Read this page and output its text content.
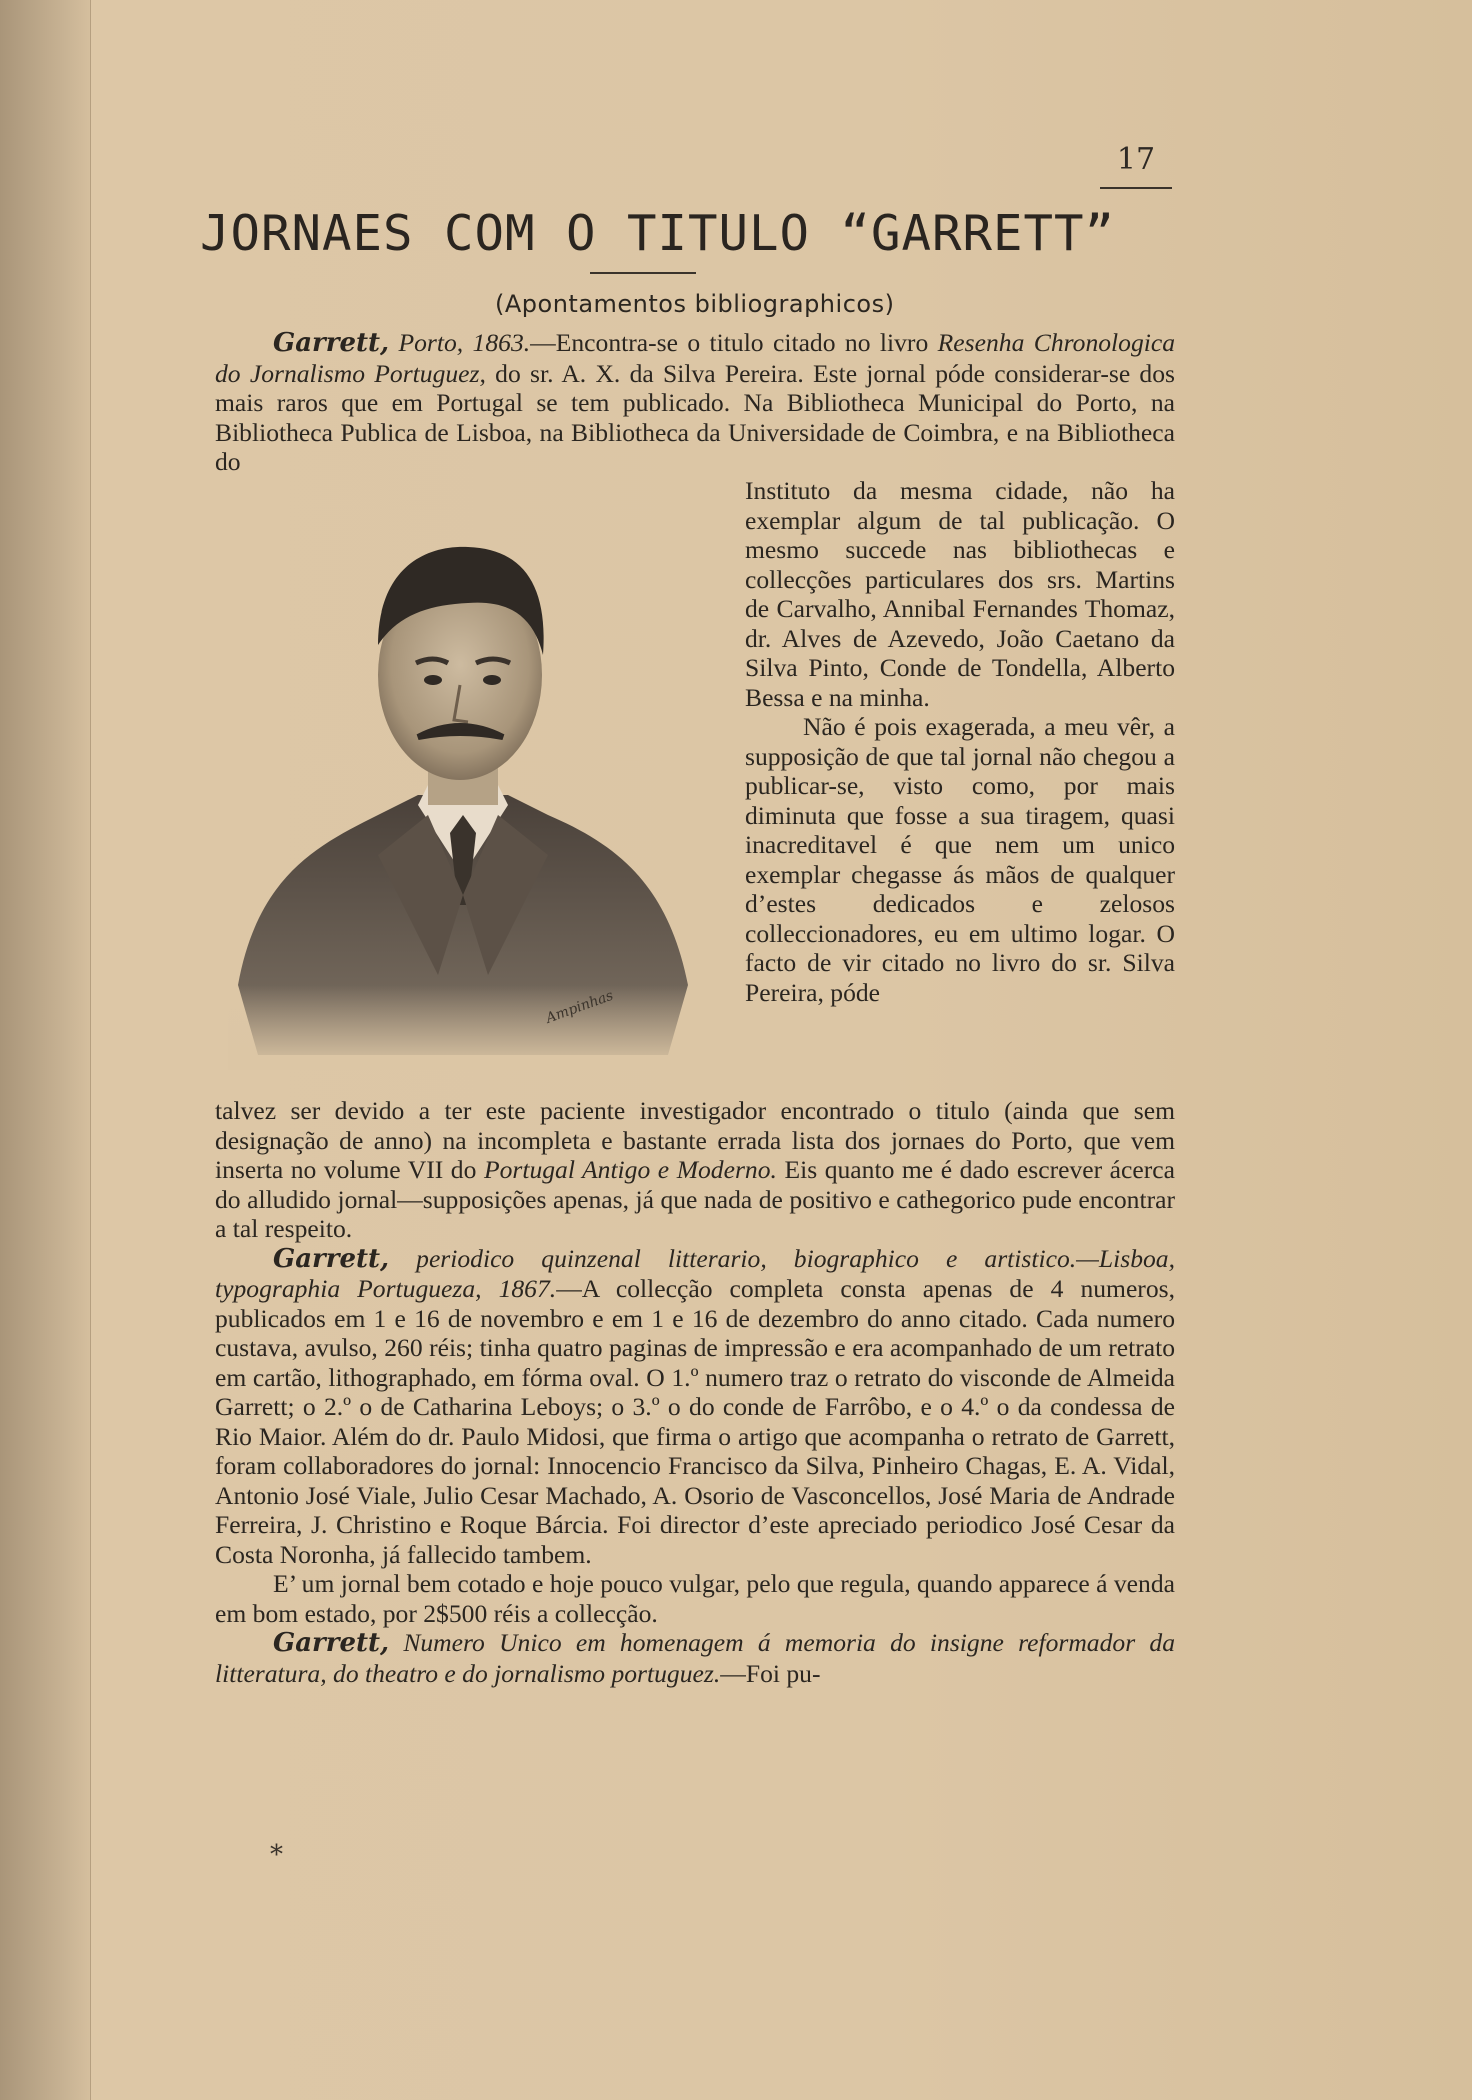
17
JORNAES COM O TITULO “GARRETT”
(Apontamentos bibliographicos)

Garrett, Porto, 1863.—Encontra-se o titulo citado no livro Resenha Chronologica do Jornalismo Portuguez, do sr. A. X. da Silva Pereira. Este jornal póde considerar-se dos mais raros que em Portugal se tem publicado. Na Bibliotheca Municipal do Porto, na Bibliotheca Publica de Lisboa, na Bibliotheca da Universidade de Coimbra, e na Bibliotheca do

Ampinhas

Instituto da mesma cidade, não ha exemplar algum de tal publicação. O mesmo succede nas bibliothecas e collecções particulares dos srs. Martins de Carvalho, Annibal Fernandes Thomaz, dr. Alves de Azevedo, João Caetano da Silva Pinto, Conde de Tondella, Alberto Bessa e na minha.

Não é pois exagerada, a meu vêr, a supposição de que tal jornal não chegou a publicar-se, visto como, por mais diminuta que fosse a sua tiragem, quasi inacreditavel é que nem um unico exemplar chegasse ás mãos de qualquer d’estes dedicados e zelosos colleccionadores, eu em ultimo logar. O facto de vir citado no livro do sr. Silva Pereira, póde

talvez ser devido a ter este paciente investigador encontrado o titulo (ainda que sem designação de anno) na incompleta e bastante errada lista dos jornaes do Porto, que vem inserta no volume VII do Portugal Antigo e Moderno. Eis quanto me é dado escrever ácerca do alludido jornal—supposições apenas, já que nada de positivo e cathegorico pude encontrar a tal respeito.

Garrett, periodico quinzenal litterario, biographico e artistico.—Lisboa, typographia Portugueza, 1867.—A collecção completa consta apenas de 4 numeros, publicados em 1 e 16 de novembro e em 1 e 16 de dezembro do anno citado. Cada numero custava, avulso, 260 réis; tinha quatro paginas de impressão e era acompanhado de um retrato em cartão, lithographado, em fórma oval. O 1.º numero traz o retrato do visconde de Almeida Garrett; o 2.º o de Catharina Leboys; o 3.º o do conde de Farrôbo, e o 4.º o da condessa de Rio Maior. Além do dr. Paulo Midosi, que firma o artigo que acompanha o retrato de Garrett, foram collaboradores do jornal: Innocencio Francisco da Silva, Pinheiro Chagas, E. A. Vidal, Antonio José Viale, Julio Cesar Machado, A. Osorio de Vasconcellos, José Maria de Andrade Ferreira, J. Christino e Roque Bárcia. Foi director d’este apreciado periodico José Cesar da Costa Noronha, já fallecido tambem.

E’ um jornal bem cotado e hoje pouco vulgar, pelo que regula, quando apparece á venda em bom estado, por 2$500 réis a collecção.

Garrett, Numero Unico em homenagem á memoria do insigne reformador da litteratura, do theatro e do jornalismo portuguez.—Foi pu-

*
